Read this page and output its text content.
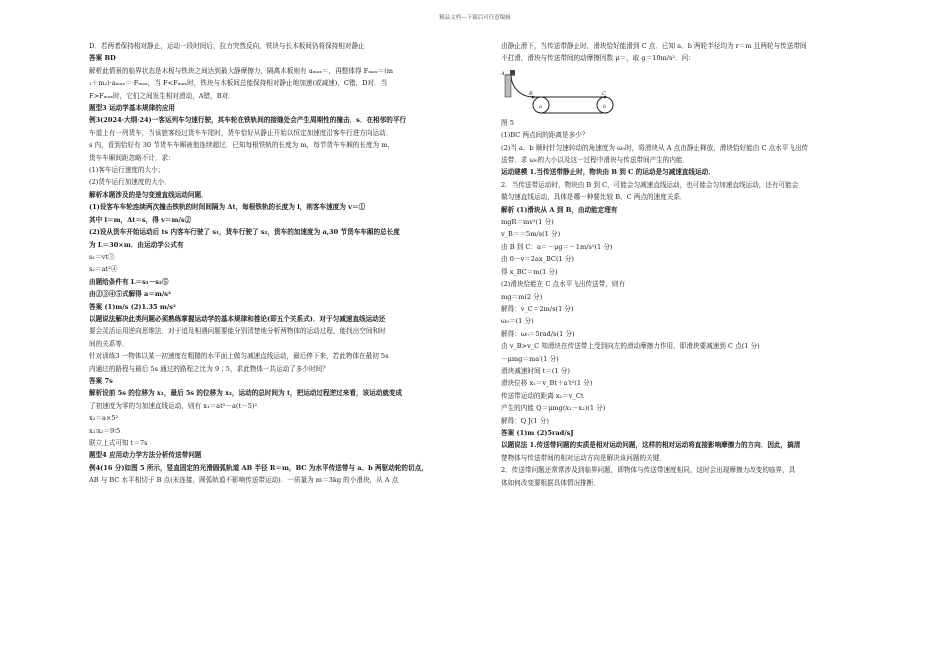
精品文档---下载后可任意编辑
D．若两者保持相对静止，运动一段时间后，拉力突然反向，铁块与长木板间仍将保持相对静止
答案 BD
解析此情景的临界状态是木板与铁块之间达到最大静摩擦力，隔离木板则有 aₘₐₓ＝，再整体得 Fₘₐₓ＝(m
₁＋m₂)·aₘₐₓ＝·Fₘₐₓ，当 F<Fₘₐₓ时，铁块与木板间总能保持相对静止地加速(或减速)，C错，D对．当
F>Fₘₐₓ时，它们之间发生相对滑动，A错，B对．
题型3 运动学基本规律的应用
例3(2024·大纲·24)一客运列车匀速行驶，其车轮在铁轨间的接缝处会产生周期性的撞击．s．在相邻的平行
车道上有一列货车，当该旅客经过货车车尾时，货车恰好从静止开始以恒定加速度沿客车行进方向运动．
s 内，看到恰好有 30 节货车车厢被他连续超过．已知每根铁轨的长度为 m，每节货车车厢的长度为 m，
货车车厢间距忽略不计．求：
(1)客车运行速度的大小；
(2)货车运行加速度的大小．
解析本题涉及的是匀变速直线运动问题．
(1)设客车车轮连续两次撞击铁轨的时间间隔为 Δt，每根铁轨的长度为 l，则客车速度为 v＝①
其中 l＝m，Δt＝s，得 v＝m/s②
(2)设从货车开始运动后 ts 内客车行驶了 s₁，货车行驶了 s₂，货车的加速度为 a,30 节货车车厢的总长度
为 L＝30×m．由运动学公式有
s₁＝vt③
s₂＝at²④
由题给条件有 L＝s₁－s₂⑤
由②③④⑤式解得 a＝m/s²
答案 (1)m/s (2)1.35 m/s²
以题说法解决此类问题必须熟练掌握运动学的基本规律和推论(即五个关系式)．对于匀减速直线运动还
要会灵活运用逆向思维法．对于追及相遇问题要能分别清楚地分析两物体的运动过程，能找出空间和时
间的关系等．
针对训练3 一物体以某一初速度在粗糙的水平面上做匀减速直线运动，最后停下来，若此物体在最初 5s
内通过的路程与最后 5s 通过的路程之比为 9∶5，求此物体一共运动了多少时间？
答案 7s
解析设前 5s 的位移为 x₁，最后 5s 的位移为 x₂，运动的总时间为 t，把运动过程逆过来看，该运动就变成
了初速度为零的匀加速直线运动，则有 x₁＝at²－a(t－5)²
x₂＝a×5²
x₁∶x₂＝9∶5
联立上式可知 t＝7s
题型4 应用动力学方法分析传送带问题
例4(16 分)如图 5 所示，竖直固定的光滑圆弧轨道 AB 半径 R＝m，BC 为水平传送带与 a、b 两驱动轮的切点，
AB 与 BC 水平相切于 B 点(未连接，圆弧轨道不影响传送带运动)．一质量为 m＝3kg 的小滑块，从 A 点
由静止滑下，当传送带静止时，滑块恰好能滑到 C 点．已知 a、b 两轮半径均为 r＝m 且两轮与传送带间
不打滑，滑块与传送带间的动摩擦因数 μ＝，取 g＝10m/s²．问：
A
B	C
a	b
图 5
(1)BC 两点间的距离是多少？
(2)当 a、b 顺时针匀速转动的角速度为 ω₀时，将滑块从 A 点由静止释放，滑块恰好能由 C 点水平飞出传
送带．求 ω₀的大小以及这一过程中滑块与传送带间产生的内能．
运动建模 1.当传送带静止时，物块由 B 到 C 的运动是匀减速直线运动．
2．当传送带运动时，物块由 B 到 C，可能会匀减速直线运动，也可能会匀加速直线运动，还有可能会
做匀速直线运动，具体是哪一种要比较 B、C 两点的速度关系．
解析 (1)滑块从 A 到 B，由动能定理有
mgR＝mv²(1 分)
v_B＝＝5m/s(1 分)
由 B 到 C：a＝－μg＝－1m/s²(1 分)
由 0－v＝2ax_BC(1 分)
得 x_BC＝m(1 分)
(2)滑块恰能在 C 点水平飞出传送带，则有
mg＝m(2 分)
解得：v_C＝2m/s(1 分)
ω₀＝(1 分)
解得：ω₀＝5rad/s(1 分)
由 v_B>v_C 知滑块在传送带上受到向左的滑动摩擦力作用，即滑块要减速到 C 点(1 分)
－μmg＝ma′(1 分)
滑块减速时间 t＝(1 分)
滑块位移 x₁＝v_Bt＋a′t²(1 分)
传送带运动的距离 x₂＝v_Ct
产生的内能 Q＝μmg(x₁－x₂)(1 分)
解得：Q J(1 分)
答案 (1)m (2)5rad/sJ
以题说法 1.传送带问题的实质是相对运动问题，这样的相对运动将直接影响摩擦力的方向．因此，搞清
楚物体与传送带间的相对运动方向是解决该问题的关键．
2．传送带问题还常常涉及到临界问题，即物体与传送带速度相同，这时会出现摩擦力改变的临界，具
体如何改变要根据具体情况推断．
